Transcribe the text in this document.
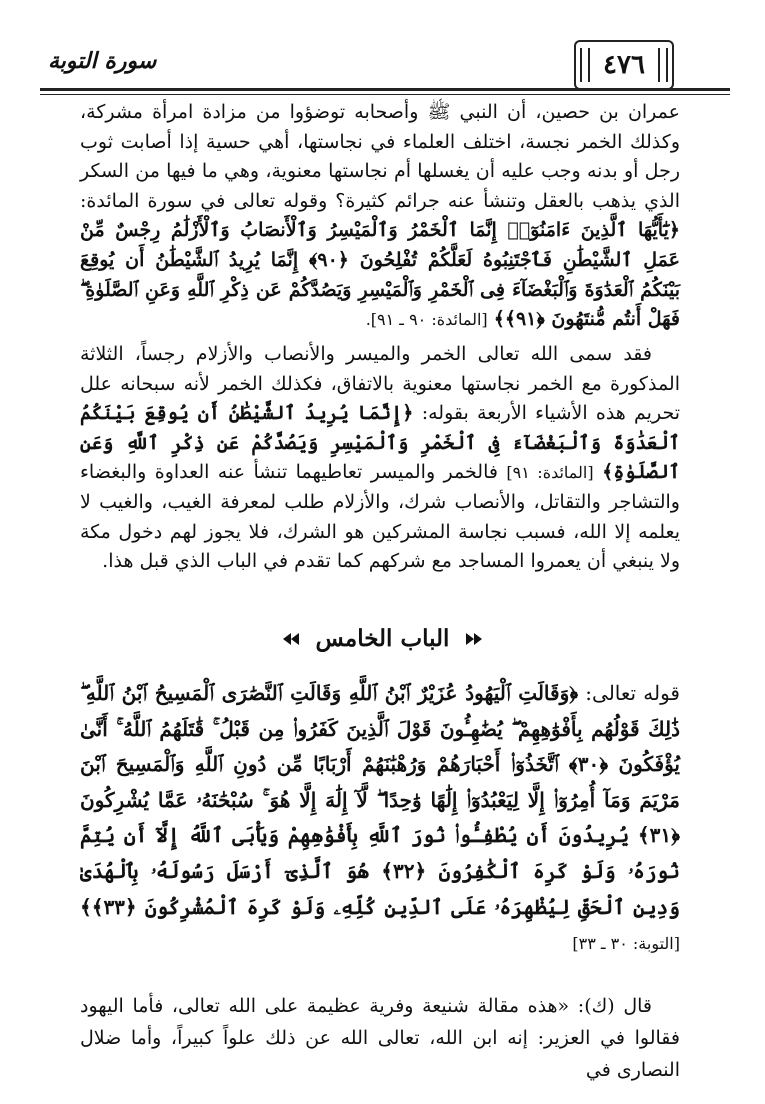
سورة التوبة	٤٧٦

عمران بن حصين، أن النبي ﷺ وأصحابه توضؤوا من مزادة امرأة مشركة، وكذلك الخمر نجسة، اختلف العلماء في نجاستها، أهي حسية إذا أصابت ثوب رجل أو بدنه وجب عليه أن يغسلها أم نجاستها معنوية، وهي ما فيها من السكر الذي يذهب بالعقل وتنشأ عنه جرائم كثيرة؟ وقوله تعالى في سورة المائدة: ﴿يَٰٓأَيُّهَا ٱلَّذِينَ ءَامَنُوٓا۟ إِنَّمَا ٱلْخَمْرُ وَٱلْمَيْسِرُ وَٱلْأَنصَابُ وَٱلْأَزْلَٰمُ رِجْسٌ مِّنْ عَمَلِ ٱلشَّيْطَٰنِ فَٱجْتَنِبُوهُ لَعَلَّكُمْ تُفْلِحُونَ ﴿٩٠﴾ إِنَّمَا يُرِيدُ ٱلشَّيْطَٰنُ أَن يُوقِعَ بَيْنَكُمُ ٱلْعَدَٰوَةَ وَٱلْبَغْضَآءَ فِى ٱلْخَمْرِ وَٱلْمَيْسِرِ وَيَصُدَّكُمْ عَن ذِكْرِ ٱللَّهِ وَعَنِ ٱلصَّلَوٰةِ ۖ فَهَلْ أَنتُم مُّنتَهُونَ ﴿٩١﴾﴾ [المائدة: ٩٠ ـ ٩١].

فقد سمى الله تعالى الخمر والميسر والأنصاب والأزلام رجساً، الثلاثة المذكورة مع الخمر نجاستها معنوية بالاتفاق، فكذلك الخمر لأنه سبحانه علل تحريم هذه الأشياء الأربعة بقوله: ﴿إِنَّمَا يُرِيدُ ٱلشَّيْطَٰنُ أَن يُوقِعَ بَيْنَكُمُ ٱلْعَدَٰوَةَ وَٱلْبَغْضَآءَ فِى ٱلْخَمْرِ وَٱلْمَيْسِرِ وَيَصُدَّكُمْ عَن ذِكْرِ ٱللَّهِ وَعَنِ ٱلصَّلَوٰةِ﴾ [المائدة: ٩١] فالخمر والميسر تعاطيهما تنشأ عنه العداوة والبغضاء والتشاجر والتقاتل، والأنصاب شرك، والأزلام طلب لمعرفة الغيب، والغيب لا يعلمه إلا الله، فسبب نجاسة المشركين هو الشرك، فلا يجوز لهم دخول مكة ولا ينبغي أن يعمروا المساجد مع شركهم كما تقدم في الباب الذي قبل هذا.

الباب الخامس

قوله تعالى: ﴿وَقَالَتِ ٱلْيَهُودُ عُزَيْرٌ ٱبْنُ ٱللَّهِ وَقَالَتِ ٱلنَّصَٰرَى ٱلْمَسِيحُ ٱبْنُ ٱللَّهِ ۖ ذَٰلِكَ قَوْلُهُم بِأَفْوَٰهِهِمْ ۖ يُضَٰهِـُٔونَ قَوْلَ ٱلَّذِينَ كَفَرُوا۟ مِن قَبْلُ ۚ قَٰتَلَهُمُ ٱللَّهُ ۚ أَنَّىٰ يُؤْفَكُونَ ﴿٣٠﴾ ٱتَّخَذُوٓا۟ أَحْبَارَهُمْ وَرُهْبَٰنَهُمْ أَرْبَابًا مِّن دُونِ ٱللَّهِ وَٱلْمَسِيحَ ٱبْنَ مَرْيَمَ وَمَآ أُمِرُوٓا۟ إِلَّا لِيَعْبُدُوٓا۟ إِلَٰهًا وَٰحِدًا ۖ لَّآ إِلَٰهَ إِلَّا هُوَ ۚ سُبْحَٰنَهُۥ عَمَّا يُشْرِكُونَ ﴿٣١﴾ يُرِيدُونَ أَن يُطْفِـُٔوا۟ نُورَ ٱللَّهِ بِأَفْوَٰهِهِمْ وَيَأْبَى ٱللَّهُ إِلَّآ أَن يُتِمَّ نُورَهُۥ وَلَوْ كَرِهَ ٱلْكَٰفِرُونَ ﴿٣٢﴾ هُوَ ٱلَّذِىٓ أَرْسَلَ رَسُولَهُۥ بِٱلْهُدَىٰ وَدِينِ ٱلْحَقِّ لِيُظْهِرَهُۥ عَلَى ٱلدِّينِ كُلِّهِۦ وَلَوْ كَرِهَ ٱلْمُشْرِكُونَ ﴿٣٣﴾﴾ [التوبة: ٣٠ ـ ٣٣]

قال (ك): «هذه مقالة شنيعة وفرية عظيمة على الله تعالى، فأما اليهود فقالوا في العزير: إنه ابن الله، تعالى الله عن ذلك علواً كبيراً، وأما ضلال النصارى في
